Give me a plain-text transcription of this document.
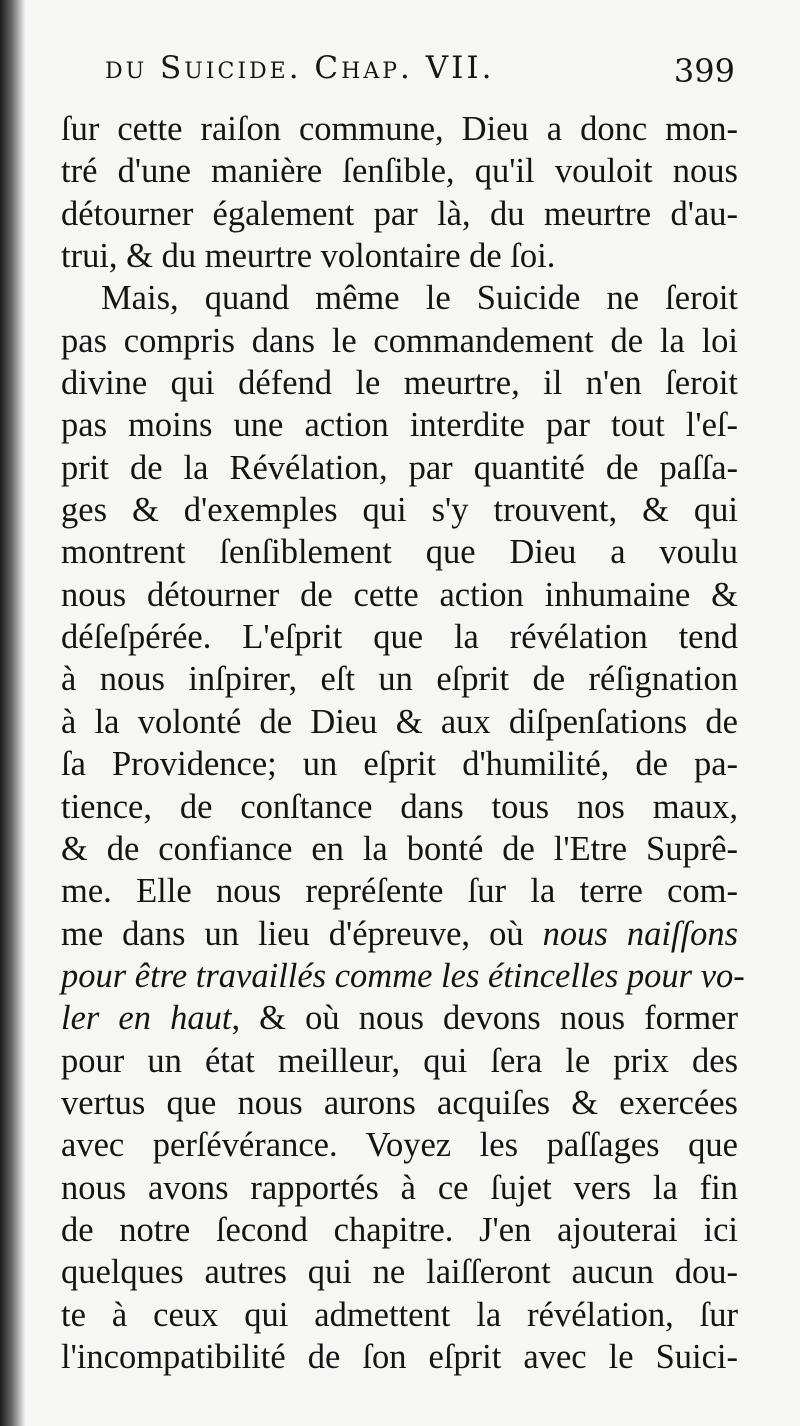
du Suicide. Chap. VII.	399
ſur cette raiſon commune, Dieu a donc mon-
tré d'une manière ſenſible, qu'il vouloit nous
détourner également par là, du meurtre d'au-
trui, & du meurtre volontaire de ſoi.
Mais, quand même le Suicide ne ſeroit
pas compris dans le commandement de la loi
divine qui défend le meurtre, il n'en ſeroit
pas moins une action interdite par tout l'eſ-
prit de la Révélation, par quantité de paſſa-
ges & d'exemples qui s'y trouvent, & qui
montrent ſenſiblement que Dieu a voulu
nous détourner de cette action inhumaine &
déſeſpérée. L'eſprit que la révélation tend
à nous inſpirer, eſt un eſprit de réſignation
à la volonté de Dieu & aux diſpenſations de
ſa Providence; un eſprit d'humilité, de pa-
tience, de conſtance dans tous nos maux,
& de confiance en la bonté de l'Etre Suprê-
me. Elle nous repréſente ſur la terre com-
me dans un lieu d'épreuve, où nous naiſſons
pour être travaillés comme les étincelles pour vo-
ler en haut, & où nous devons nous former
pour un état meilleur, qui ſera le prix des
vertus que nous aurons acquiſes & exercées
avec perſévérance. Voyez les paſſages que
nous avons rapportés à ce ſujet vers la fin
de notre ſecond chapitre. J'en ajouterai ici
quelques autres qui ne laiſſeront aucun dou-
te à ceux qui admettent la révélation, ſur
l'incompatibilité de ſon eſprit avec le Suici-
